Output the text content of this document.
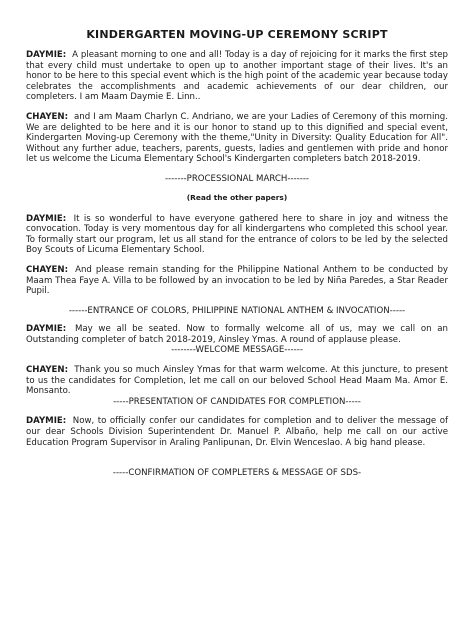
KINDERGARTEN MOVING-UP CEREMONY SCRIPT

DAYMIE: A pleasant morning to one and all! Today is a day of rejoicing for it marks the first step that every child must undertake to open up to another important stage of their lives. It's an honor to be here to this special event which is the high point of the academic year because today celebrates the accomplishments and academic achievements of our dear children, our completers. I am Maam Daymie E. Linn..

CHAYEN: and I am Maam Charlyn C. Andriano, we are your Ladies of Ceremony of this morning. We are delighted to be here and it is our honor to stand up to this dignified and special event, Kindergarten Moving-up Ceremony with the theme,"Unity in Diversity: Quality Education for All". Without any further adue, teachers, parents, guests, ladies and gentlemen with pride and honor let us welcome the Licuma Elementary School's Kindergarten completers batch 2018-2019.

-------PROCESSIONAL MARCH-------
(Read the other papers)

DAYMIE: It is so wonderful to have everyone gathered here to share in joy and witness the convocation. Today is very momentous day for all kindergartens who completed this school year. To formally start our program, let us all stand for the entrance of colors to be led by the selected Boy Scouts of Licuma Elementary School.

CHAYEN: And please remain standing for the Philippine National Anthem to be conducted by Maam Thea Faye A. Villa to be followed by an invocation to be led by Niña Paredes, a Star Reader Pupil.

------ENTRANCE OF COLORS, PHILIPPINE NATIONAL ANTHEM & INVOCATION-----

DAYMIE: May we all be seated. Now to formally welcome all of us, may we call on an Outstanding completer of batch 2018-2019, Ainsley Ymas. A round of applause please.

--------WELCOME MESSAGE------

CHAYEN: Thank you so much Ainsley Ymas for that warm welcome. At this juncture, to present to us the candidates for Completion, let me call on our beloved School Head Maam Ma. Amor E. Monsanto.

-----PRESENTATION OF CANDIDATES FOR COMPLETION-----

DAYMIE: Now, to officially confer our candidates for completion and to deliver the message of our dear Schools Division Superintendent Dr. Manuel P. Albaño, help me call on our active Education Program Supervisor in Araling Panlipunan, Dr. Elvin Wenceslao. A big hand please.

-----CONFIRMATION OF COMPLETERS & MESSAGE OF SDS-
